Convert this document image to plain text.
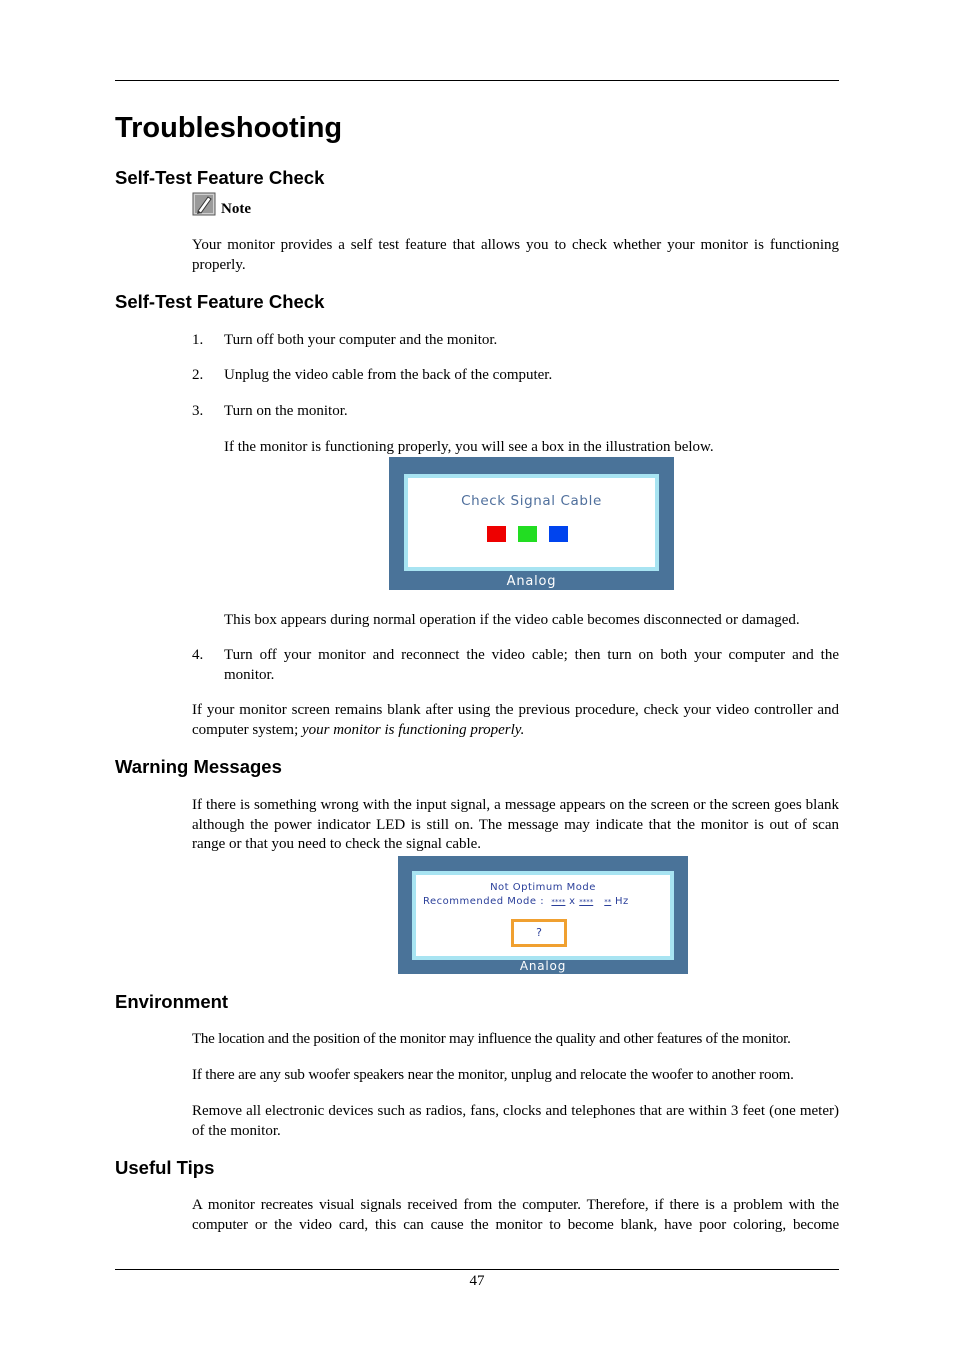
Troubleshooting
Self-Test Feature Check
Note

Your monitor provides a self test feature that allows you to check whether your monitor is functioning properly.

Self-Test Feature Check
1. Turn off both your computer and the monitor.

2. Unplug the video cable from the back of the computer.

3. Turn on the monitor.

If the monitor is functioning properly, you will see a box in the illustration below.

Check Signal Cable
Analog

This box appears during normal operation if the video cable becomes disconnected or damaged.

4. Turn off your monitor and reconnect the video cable; then turn on both your computer and the monitor.

If your monitor screen remains blank after using the previous procedure, check your video controller and computer system; your monitor is functioning properly.

Warning Messages

If there is something wrong with the input signal, a message appears on the screen or the screen goes blank although the power indicator LED is still on. The message may indicate that the monitor is out of scan range or that you need to check the signal cable.

Not Optimum Mode
Recommended Mode : **** x **** ** Hz
?
Analog
Environment

The location and the position of the monitor may influence the quality and other features of the monitor.

If there are any sub woofer speakers near the monitor, unplug and relocate the woofer to another room.

Remove all electronic devices such as radios, fans, clocks and telephones that are within 3 feet (one meter) of the monitor.

Useful Tips

A monitor recreates visual signals received from the computer. Therefore, if there is a problem with the computer or the video card, this can cause the monitor to become blank, have poor coloring, become

47
